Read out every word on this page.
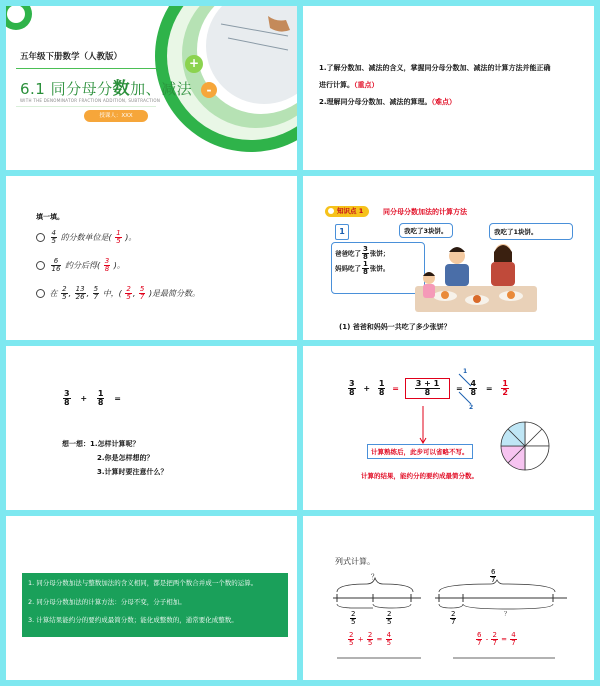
+
-
五年级下册数学（人教版）
6.1 同分母分数加、减法
WITH THE DENOMINATOR FRACTION ADDITION, SUBTRACTION
授课人：XXX
1.了解分数加、减法的含义，掌握同分母分数加、减法的计算方法并能正确
进行计算。（重点）
2.理解同分母分数加、减法的算理。（难点）
填一填。

$\frac{4}{5}$ 的分数单位是( $\frac{1}{5}$ )。

$\frac{6}{16}$ 约分后得( $\frac{3}{8}$ )。
在 $\frac{2}{5}$ , $\frac{13}{26}$ , $\frac{5}{7}$ 中，( $\frac{2}{5}$ , $\frac{5}{7}$ )是最简分数。
知识点 1	同分母分数加法的计算方法
1	我吃了3块饼。	我吃了1块饼。
爸爸吃了 $\frac{3}{8}$ 张饼；
妈妈吃了 $\frac{1}{8}$ 张饼。
(1) 爸爸和妈妈一共吃了多少张饼？
$\frac{3}{8} + \frac{1}{8}$ =
想一想： 1.怎样计算呢？
2.你是怎样想的？
3.计算时要注意什么？
$\frac{3}{8} + \frac{1}{8} = \frac{3 + 1}{8} = \frac{4}{8} = \frac{1}{2}$
1
2
计算熟练后，此步可以省略不写。
计算的结果，能约分的要约成最简分数。
1. 同分母分数加法与整数加法的含义相同，都是把两个数合并成一个数的运算。
2. 同分母分数加法的计算方法：分母不变，分子相加。
3. 计算结果能约分的要约成最简分数；能化成整数的，通常要化成整数。
列式计算。
？
$\frac{2}{5}$	$\frac{2}{5}$
$\frac{6}{7}$
$\frac{2}{7}$	？
$\frac{2}{5} + \frac{2}{5} = \frac{4}{5}$	$\frac{6}{7} - \frac{2}{7} = \frac{4}{7}$
